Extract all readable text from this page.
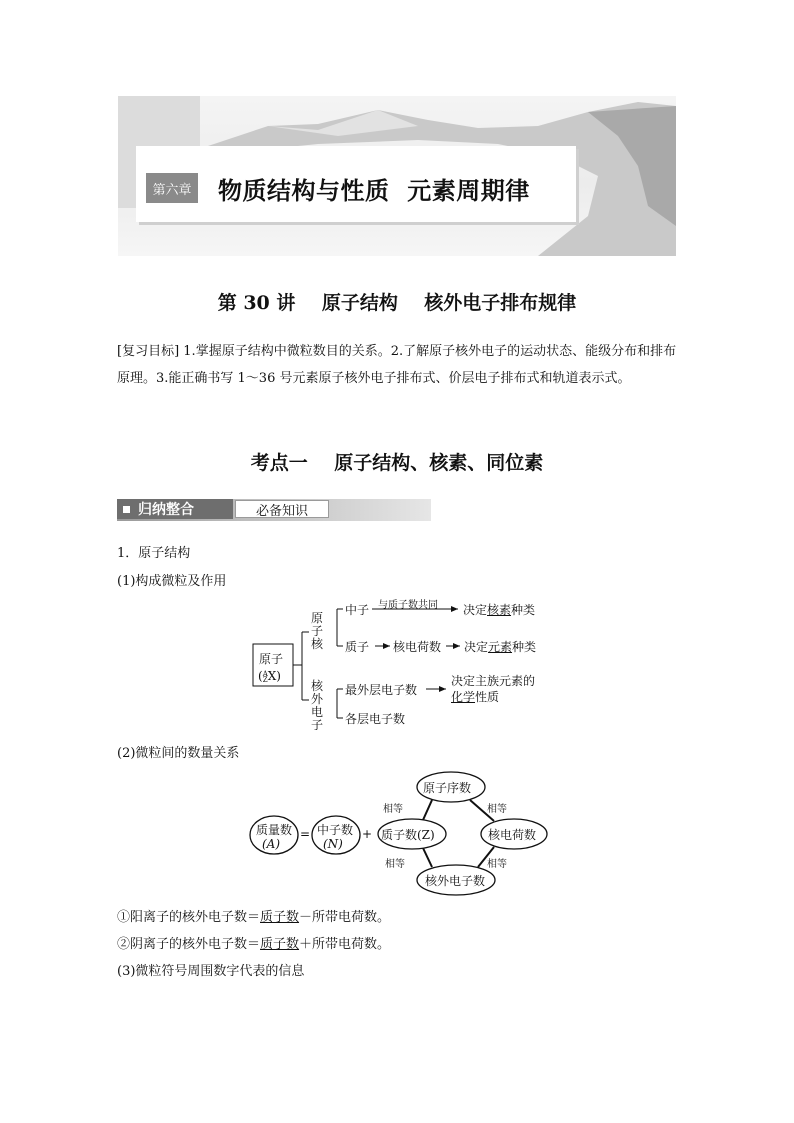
第六章 物质结构与性质  元素周期律
第 30 讲    原子结构    核外电子排布规律
[复习目标] 1.掌握原子结构中微粒数目的关系。2.了解原子核外电子的运动状态、能级分布和排布原理。3.能正确书写 1～36 号元素原子核外电子排布式、价层电子排布式和轨道表示式。
考点一    原子结构、核素、同位素
归纳整合	必备知识
1．原子结构
(1)构成微粒及作用
原子
(A
ZX)
原
子
核
核
外
电
子
中子 与质子数共同 决定核素种类
质子 核电荷数 决定元素种类
最外层电子数
决定主族元素的
化学性质
各层电子数
(2)微粒间的数量关系
质量数
(A)
= 中子数
(N)
+ 质子数(Z)
原子序数
核电荷数
核外电子数
相等	相等
相等	相等
①阳离子的核外电子数＝质子数－所带电荷数。
②阴离子的核外电子数＝质子数＋所带电荷数。
(3)微粒符号周围数字代表的信息
